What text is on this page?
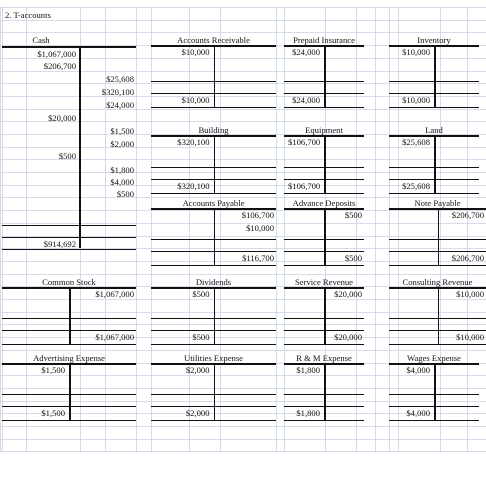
2. T-accounts
Cash
$1,067,000
$206,700
$25,608
$320,100
$24,000
$20,000
$1,500
$2,000
$500
$1,800
$4,000
$500
$914,692
Accounts Receivable
$10,000
$10,000
Prepaid Insurance
$24,000
$24,000
Inventory
$10,000
$10,000
Building
$320,100
$320,100
Equipment
$106,700
$106,700
Land
$25,608
$25,608
Accounts Payable
$106,700
$10,000
$116,700
Advance Deposits
$500
$500
Note Payable
$206,700
$206,700
Common Stock
$1,067,000
$1,067,000
Dividends
$500
$500
Service Revenue
$20,000
$20,000
Consulting Revenue
$10,000
$10,000
Advertising Expense
$1,500
$1,500
Utilities Expense
$2,000
$2,000
R & M Expense
$1,800
$1,800
Wages Expense
$4,000
$4,000
